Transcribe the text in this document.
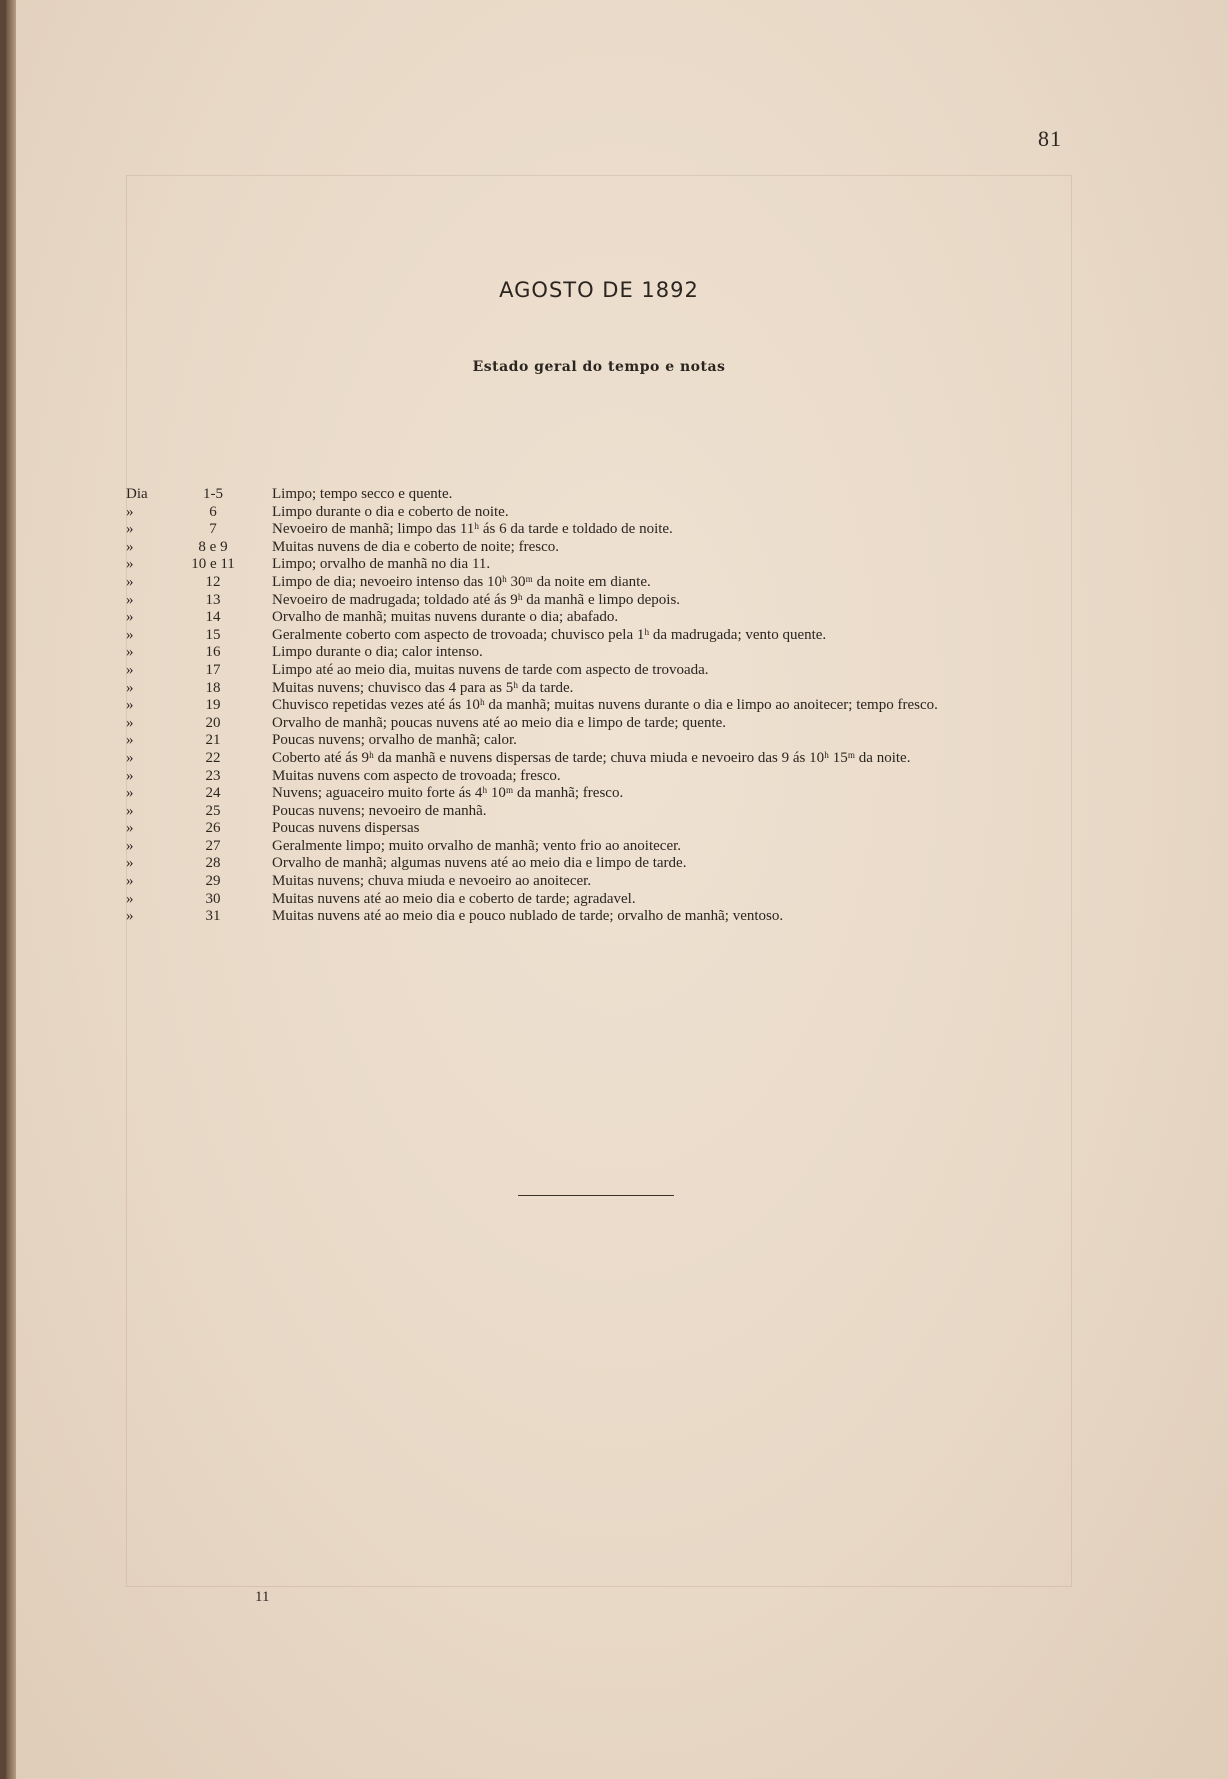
81
AGOSTO DE 1892
Estado geral do tempo e notas
Dia	1-5	Limpo; tempo secco e quente.
»	6	Limpo durante o dia e coberto de noite.
»	7	Nevoeiro de manhã; limpo das 11ʰ ás 6 da tarde e toldado de noite.
»	8 e 9	Muitas nuvens de dia e coberto de noite; fresco.
»	10 e 11	Limpo; orvalho de manhã no dia 11.
»	12	Limpo de dia; nevoeiro intenso das 10ʰ 30ᵐ da noite em diante.
»	13	Nevoeiro de madrugada; toldado até ás 9ʰ da manhã e limpo depois.
»	14	Orvalho de manhã; muitas nuvens durante o dia; abafado.
»	15	Geralmente coberto com aspecto de trovoada; chuvisco pela 1ʰ da madrugada; vento quente.
»	16	Limpo durante o dia; calor intenso.
»	17	Limpo até ao meio dia, muitas nuvens de tarde com aspecto de trovoada.
»	18	Muitas nuvens; chuvisco das 4 para as 5ʰ da tarde.
»	19	Chuvisco repetidas vezes até ás 10ʰ da manhã; muitas nuvens durante o dia e limpo ao anoitecer; tempo fresco.
»	20	Orvalho de manhã; poucas nuvens até ao meio dia e limpo de tarde; quente.
»	21	Poucas nuvens; orvalho de manhã; calor.
»	22	Coberto até ás 9ʰ da manhã e nuvens dispersas de tarde; chuva miuda e nevoeiro das 9 ás 10ʰ 15ᵐ da noite.
»	23	Muitas nuvens com aspecto de trovoada; fresco.
»	24	Nuvens; aguaceiro muito forte ás 4ʰ 10ᵐ da manhã; fresco.
»	25	Poucas nuvens; nevoeiro de manhã.
»	26	Poucas nuvens dispersas
»	27	Geralmente limpo; muito orvalho de manhã; vento frio ao anoitecer.
»	28	Orvalho de manhã; algumas nuvens até ao meio dia e limpo de tarde.
»	29	Muitas nuvens; chuva miuda e nevoeiro ao anoitecer.
»	30	Muitas nuvens até ao meio dia e coberto de tarde; agradavel.
»	31	Muitas nuvens até ao meio dia e pouco nublado de tarde; orvalho de manhã; ventoso.
11
